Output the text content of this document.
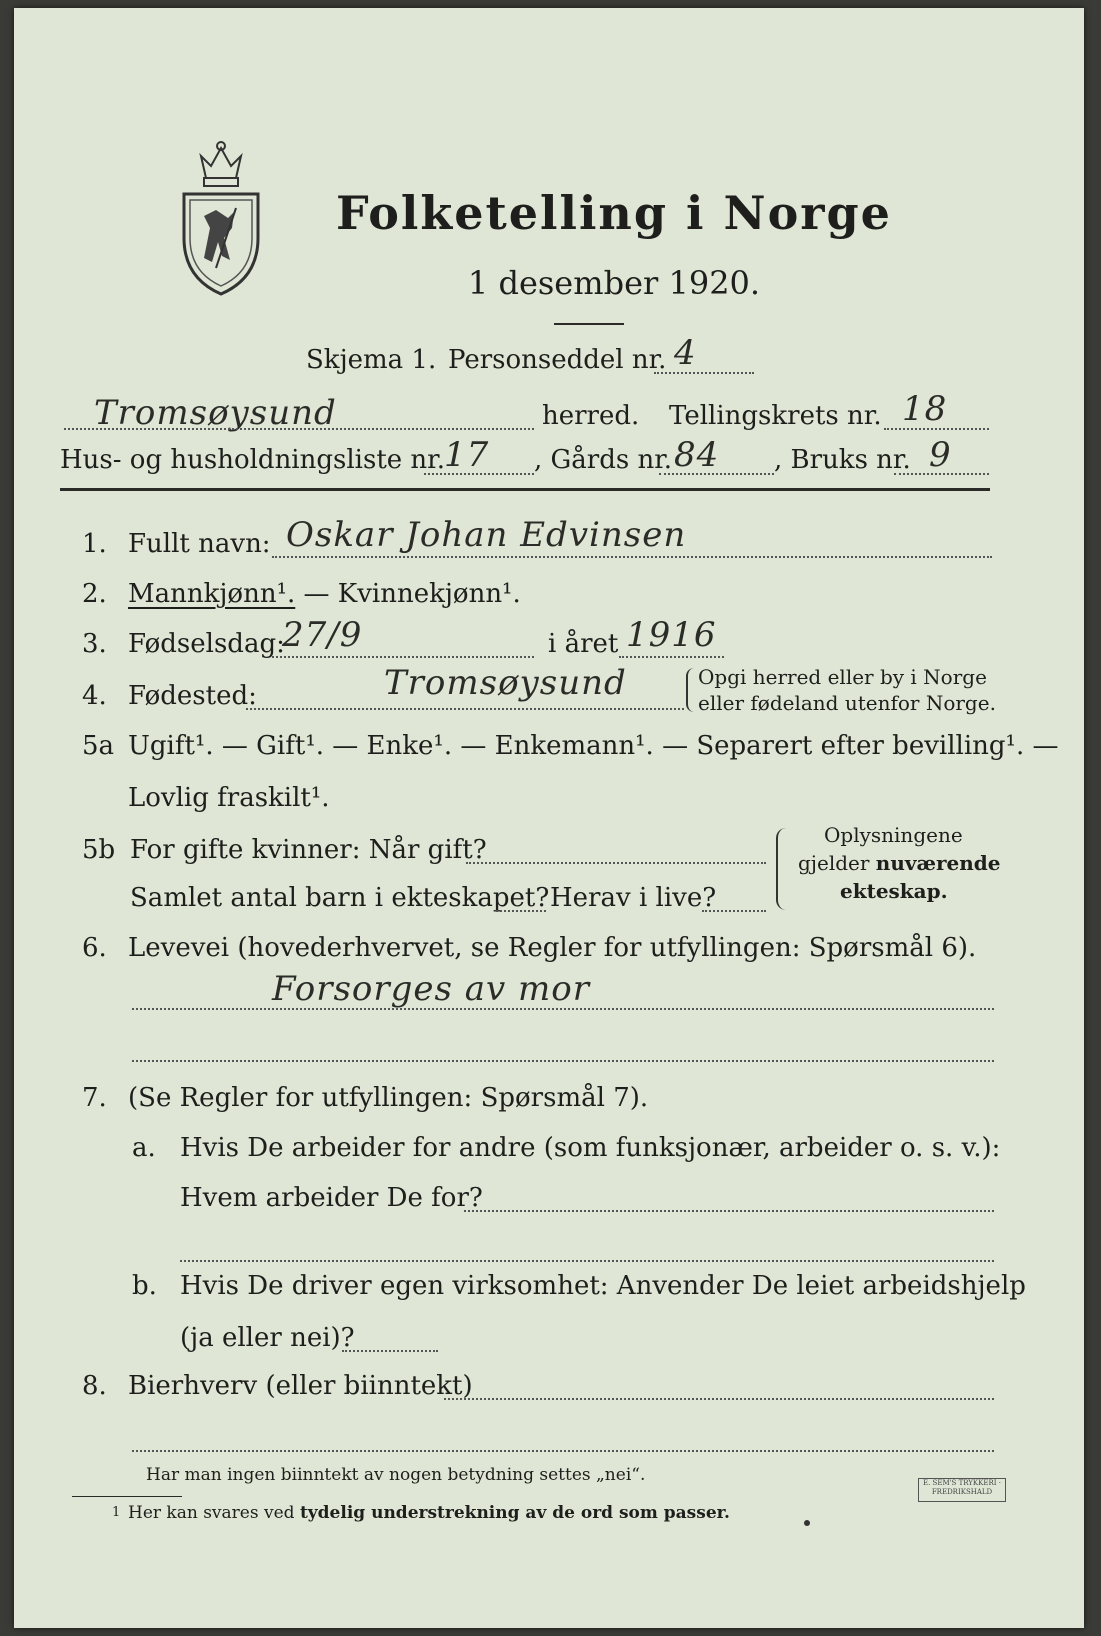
Folketelling i Norge
1 desember 1920.
Skjema 1. Personseddel nr. 4
Tromsøysund	herred. Tellingskrets nr. 18
Hus- og husholdningsliste nr.
17 , Gårds nr. 84 , Bruks nr. 9
1. Fullt navn: Oskar Johan Edvinsen
2. Mannkjønn¹. — Kvinnekjønn¹.
3. Fødselsdag:
27/9	i året 1916
4. Fødested:	Tromsøysund	Opgi herred eller by i Norge
eller fødeland utenfor Norge.
5a Ugift¹. — Gift¹. — Enke¹. — Enkemann¹. — Separert efter bevilling¹. —
Lovlig fraskilt¹.
5b For gifte kvinner: Når gift?
Samlet antal barn i ekteskapet? Herav i live?
Oplysningene
gjelder nuværende
ekteskap.
6. Levevei (hovederhvervet, se Regler for utfyllingen: Spørsmål 6).
Forsorges av mor
7. (Se Regler for utfyllingen: Spørsmål 7).
a. Hvis De arbeider for andre (som funksjonær, arbeider o. s. v.):
Hvem arbeider De for?
b. Hvis De driver egen virksomhet: Anvender De leiet arbeidshjelp
(ja eller nei)?
8. Bierhverv (eller biinntekt)
Har man ingen biinntekt av nogen betydning settes „nei“.
1 Her kan svares ved tydelig understrekning av de ord som passer.
E. SEM'S TRYKKERI · FREDRIKSHALD
